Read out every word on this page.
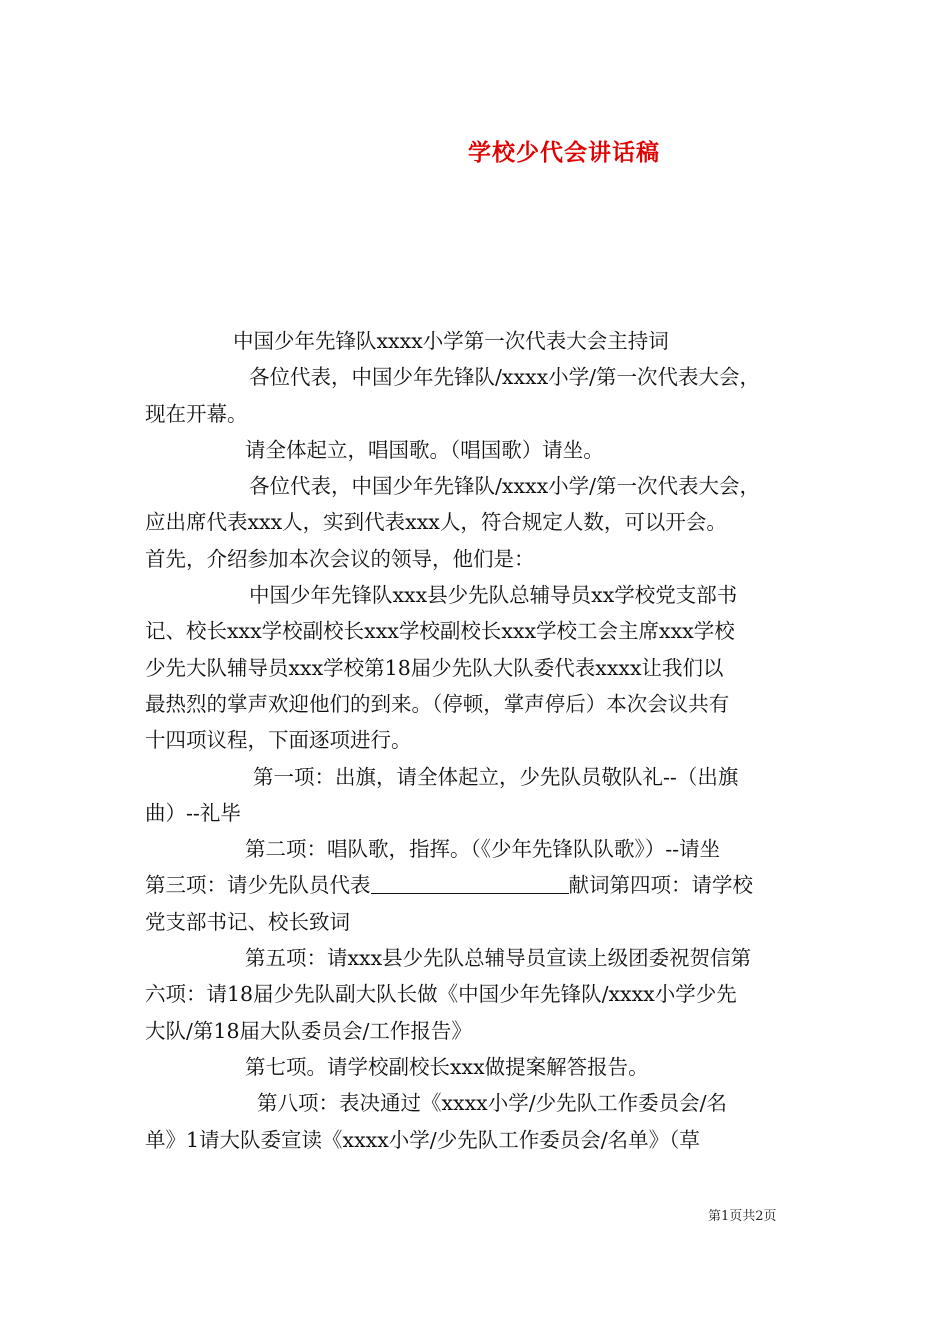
学校少代会讲话稿

中国少年先锋队xxxx小学第一次代表大会主持词

各位代表，中国少年先锋队/xxxx小学/第一次代表大会，

现在开幕。

请全体起立，唱国歌。（唱国歌）请坐。

各位代表，中国少年先锋队/xxxx小学/第一次代表大会，

应出席代表xxx人，实到代表xxx人，符合规定人数，可以开会。

首先，介绍参加本次会议的领导，他们是：

中国少年先锋队xxx县少先队总辅导员xx学校党支部书

记、校长xxx学校副校长xxx学校副校长xxx学校工会主席xxx学校

少先大队辅导员xxx学校第18届少先队大队委代表xxxx让我们以

最热烈的掌声欢迎他们的到来。（停顿，掌声停后）本次会议共有

十四项议程，下面逐项进行。

第一项：出旗，请全体起立，少先队员敬队礼--（出旗

曲）--礼毕

第二项：唱队歌，指挥。（《少年先锋队队歌》）--请坐

第三项：请少先队员代表	献词第四项：请学校

党支部书记、校长致词

第五项：请xxx县少先队总辅导员宣读上级团委祝贺信第

六项：请18届少先队副大队长做《中国少年先锋队/xxxx小学少先

大队/第18届大队委员会/工作报告》

第七项。请学校副校长xxx做提案解答报告。

第八项：表决通过《xxxx小学/少先队工作委员会/名

单》1请大队委宣读《xxxx小学/少先队工作委员会/名单》（草

第1页共2页
